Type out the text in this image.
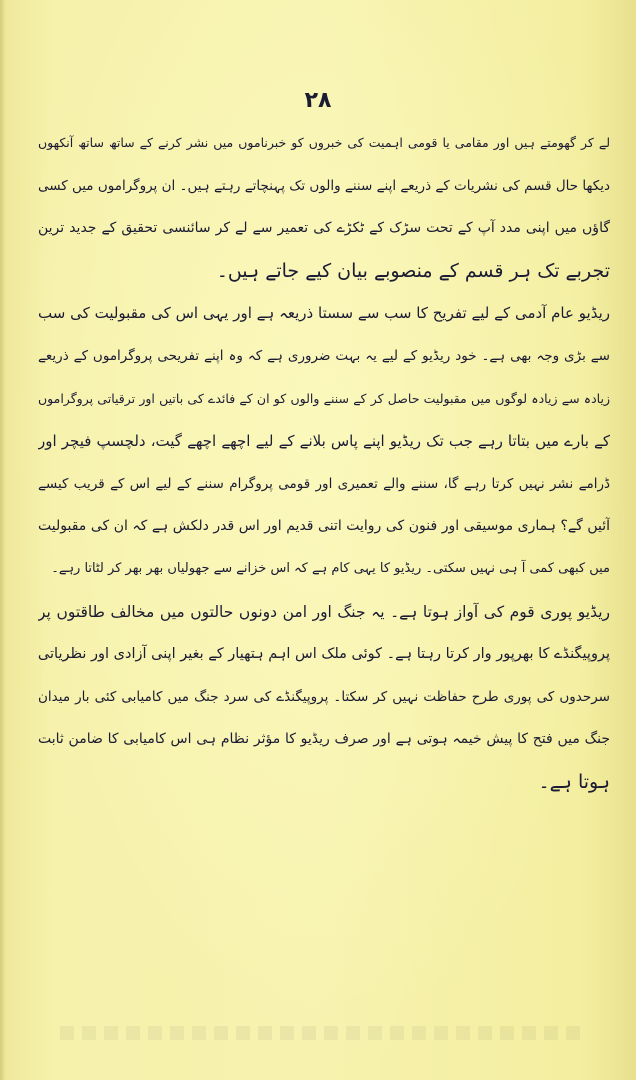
۲۸
لے کر گھومتے ہیں اور مقامی یا قومی اہمیت کی خبروں کو خبرناموں میں نشر کرنے کے ساتھ ساتھ آنکھوں
دیکھا حال قسم کی نشریات کے ذریعے اپنے سننے والوں تک پہنچاتے رہتے ہیں۔ ان پروگراموں میں کسی
گاؤں میں اپنی مدد آپ کے تحت سڑک کے ٹکڑے کی تعمیر سے لے کر سائنسی تحقیق کے جدید ترین
تجربے تک ہر قسم کے منصوبے بیان کیے جاتے ہیں۔
ریڈیو عام آدمی کے لیے تفریح کا سب سے سستا ذریعہ ہے اور یہی اس کی مقبولیت کی سب
سے بڑی وجہ بھی ہے۔ خود ریڈیو کے لیے یہ بہت ضروری ہے کہ وہ اپنے تفریحی پروگراموں کے ذریعے
زیادہ سے زیادہ لوگوں میں مقبولیت حاصل کر کے سننے والوں کو ان کے فائدے کی باتیں اور ترقیاتی پروگراموں
کے بارے میں بتاتا رہے جب تک ریڈیو اپنے پاس بلانے کے لیے اچھے اچھے گیت، دلچسپ فیچر اور
ڈرامے نشر نہیں کرتا رہے گا، سننے والے تعمیری اور قومی پروگرام سننے کے لیے اس کے قریب کیسے
آئیں گے؟ ہماری موسیقی اور فنون کی روایت اتنی قدیم اور اس قدر دلکش ہے کہ ان کی مقبولیت
میں کبھی کمی آ ہی نہیں سکتی۔ ریڈیو کا یہی کام ہے کہ اس خزانے سے جھولیاں بھر بھر کر لٹاتا رہے۔
ریڈیو پوری قوم کی آواز ہوتا ہے۔ یہ جنگ اور امن دونوں حالتوں میں مخالف طاقتوں پر
پروپیگنڈے کا بھرپور وار کرتا رہتا ہے۔ کوئی ملک اس اہم ہتھیار کے بغیر اپنی آزادی اور نظریاتی
سرحدوں کی پوری طرح حفاظت نہیں کر سکتا۔ پروپیگنڈے کی سرد جنگ میں کامیابی کئی بار میدان
جنگ میں فتح کا پیش خیمہ ہوتی ہے اور صرف ریڈیو کا مؤثر نظام ہی اس کامیابی کا ضامن ثابت
ہوتا ہے۔
